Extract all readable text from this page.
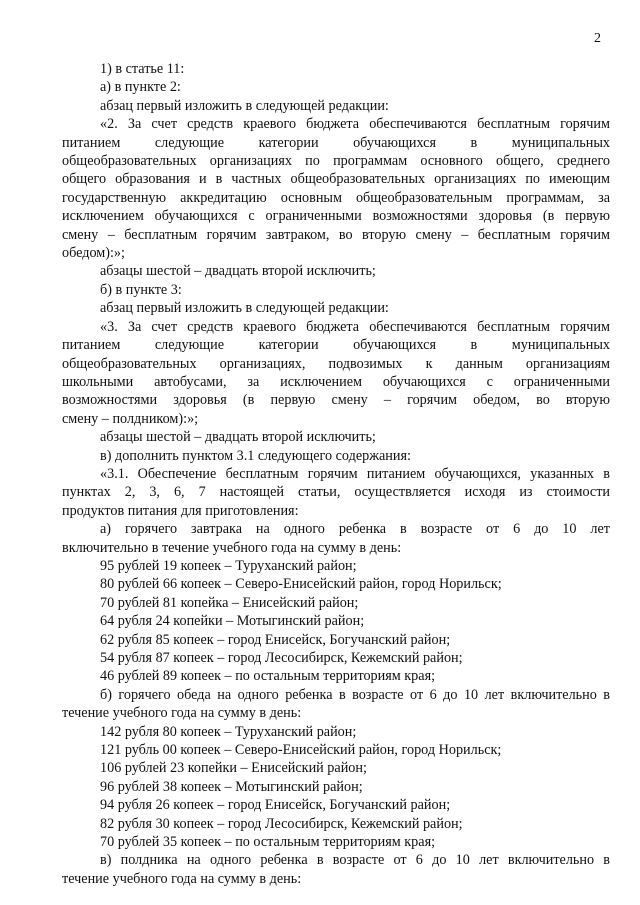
2

1) в статье 11:

а) в пункте 2:

абзац первый изложить в следующей редакции:

«2. За счет средств краевого бюджета обеспечиваются бесплатным горячим

питанием следующие категории обучающихся в муниципальных

общеобразовательных организациях по программам основного общего, среднего

общего образования и в частных общеобразовательных организациях по имеющим

государственную аккредитацию основным общеобразовательным программам, за

исключением обучающихся с ограниченными возможностями здоровья (в первую

смену – бесплатным горячим завтраком, во вторую смену – бесплатным горячим

обедом):»;

абзацы шестой – двадцать второй исключить;

б) в пункте 3:

абзац первый изложить в следующей редакции:

«3. За счет средств краевого бюджета обеспечиваются бесплатным горячим

питанием следующие категории обучающихся в муниципальных

общеобразовательных организациях, подвозимых к данным организациям

школьными автобусами, за исключением обучающихся с ограниченными

возможностями здоровья (в первую смену – горячим обедом, во вторую

смену – полдником):»;

абзацы шестой – двадцать второй исключить;

в) дополнить пунктом 3.1 следующего содержания:

«3.1. Обеспечение бесплатным горячим питанием обучающихся, указанных в

пунктах 2, 3, 6, 7 настоящей статьи, осуществляется исходя из стоимости

продуктов питания для приготовления:

а) горячего завтрака на одного ребенка в возрасте от 6 до 10 лет

включительно в течение учебного года на сумму в день:

95 рублей 19 копеек – Туруханский район;

80 рублей 66 копеек – Северо-Енисейский район, город Норильск;

70 рублей 81 копейка – Енисейский район;

64 рубля 24 копейки – Мотыгинский район;

62 рубля 85 копеек – город Енисейск, Богучанский район;

54 рубля 87 копеек – город Лесосибирск, Кежемский район;

46 рублей 89 копеек – по остальным территориям края;

б) горячего обеда на одного ребенка в возрасте от 6 до 10 лет включительно в

течение учебного года на сумму в день:

142 рубля 80 копеек – Туруханский район;

121 рубль 00 копеек – Северо-Енисейский район, город Норильск;

106 рублей 23 копейки – Енисейский район;

96 рублей 38 копеек – Мотыгинский район;

94 рубля 26 копеек – город Енисейск, Богучанский район;

82 рубля 30 копеек – город Лесосибирск, Кежемский район;

70 рублей 35 копеек – по остальным территориям края;

в) полдника на одного ребенка в возрасте от 6 до 10 лет включительно в

течение учебного года на сумму в день:
